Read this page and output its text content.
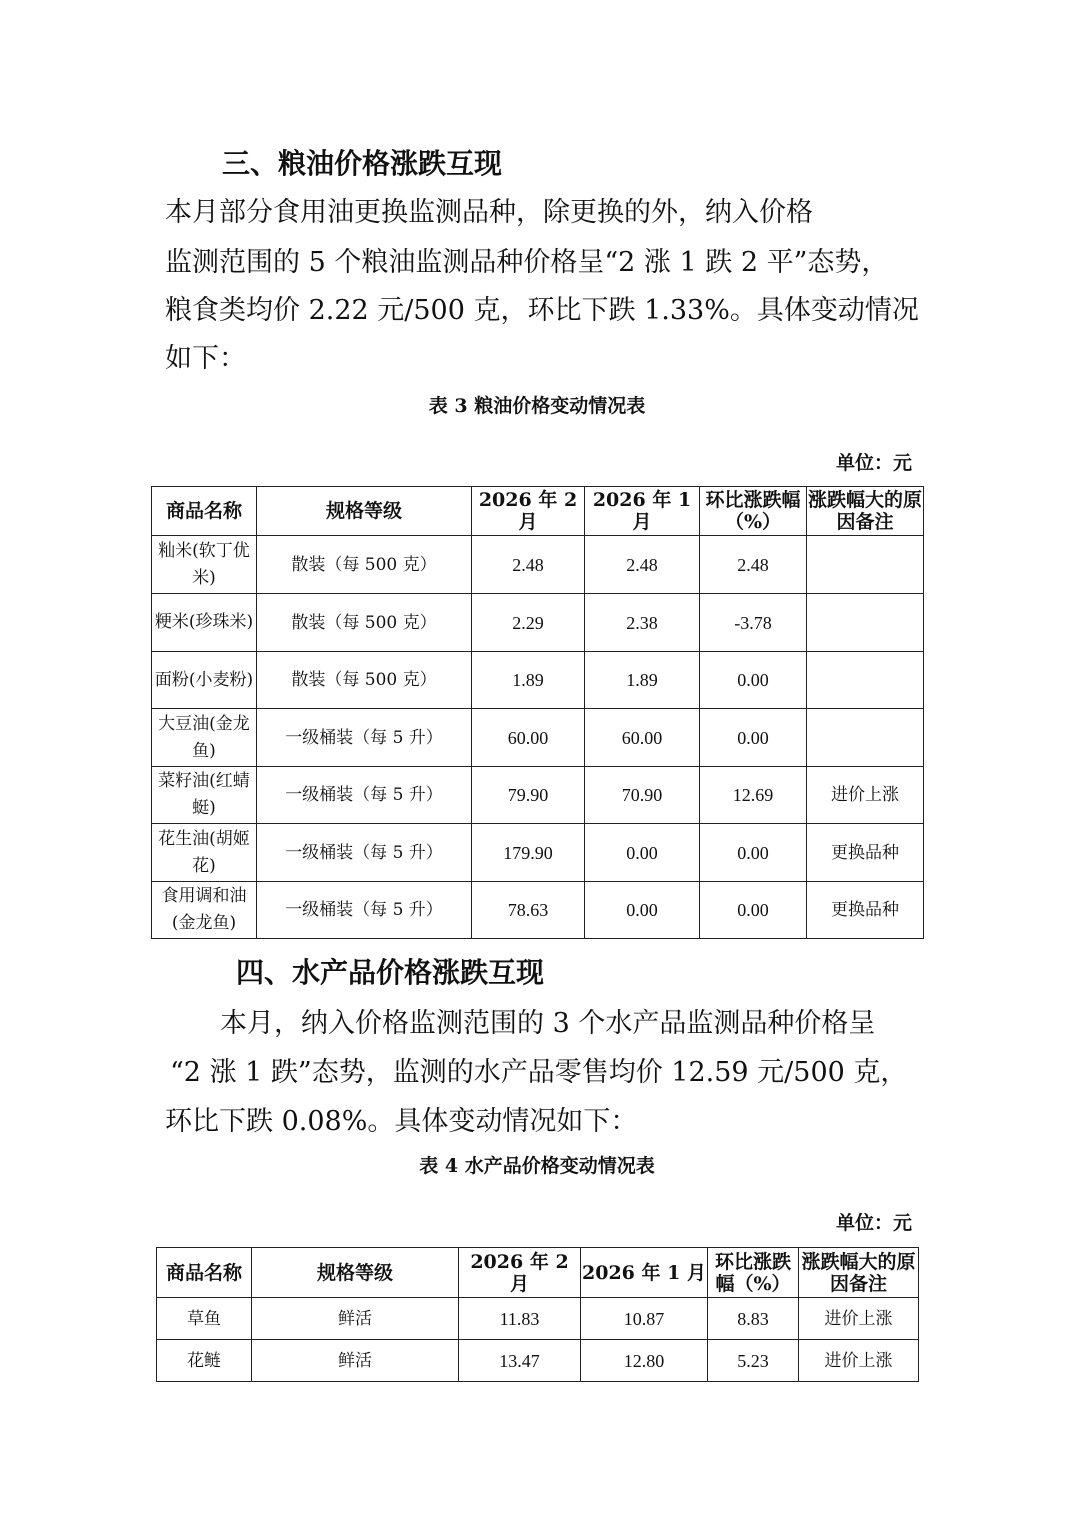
三、粮油价格涨跌互现
本月部分食用油更换监测品种，除更换的外，纳入价格
监测范围的 5 个粮油监测品种价格呈“2 涨 1 跌 2 平”态势，
粮食类均价 2.22 元/500 克，环比下跌 1.33%。具体变动情况
如下：
表 3 粮油价格变动情况表
单位：元
商品名称	规格等级	2026 年 2 月	2026 年 1 月	环比涨跌幅（%）	涨跌幅大的原因备注
籼米(软丁优米)	散装（每 500 克）	2.48	2.48	2.48	
粳米(珍珠米)	散装（每 500 克）	2.29	2.38	-3.78	
面粉(小麦粉)	散装（每 500 克）	1.89	1.89	0.00	
大豆油(金龙鱼)	一级桶装（每 5 升）	60.00	60.00	0.00	
菜籽油(红蜻蜓)	一级桶装（每 5 升）	79.90	70.90	12.69	进价上涨
花生油(胡姬花)	一级桶装（每 5 升）	179.90	0.00	0.00	更换品种
食用调和油(金龙鱼)	一级桶装（每 5 升）	78.63	0.00	0.00	更换品种
四、水产品价格涨跌互现
本月，纳入价格监测范围的 3 个水产品监测品种价格呈
“2 涨 1 跌”态势，监测的水产品零售均价 12.59 元/500 克，
环比下跌 0.08%。具体变动情况如下：
表 4 水产品价格变动情况表
单位：元
商品名称	规格等级	2026 年 2 月	2026 年 1 月	环比涨跌幅（%）	涨跌幅大的原因备注
草鱼	鲜活	11.83	10.87	8.83	进价上涨
花鲢	鲜活	13.47	12.80	5.23	进价上涨
